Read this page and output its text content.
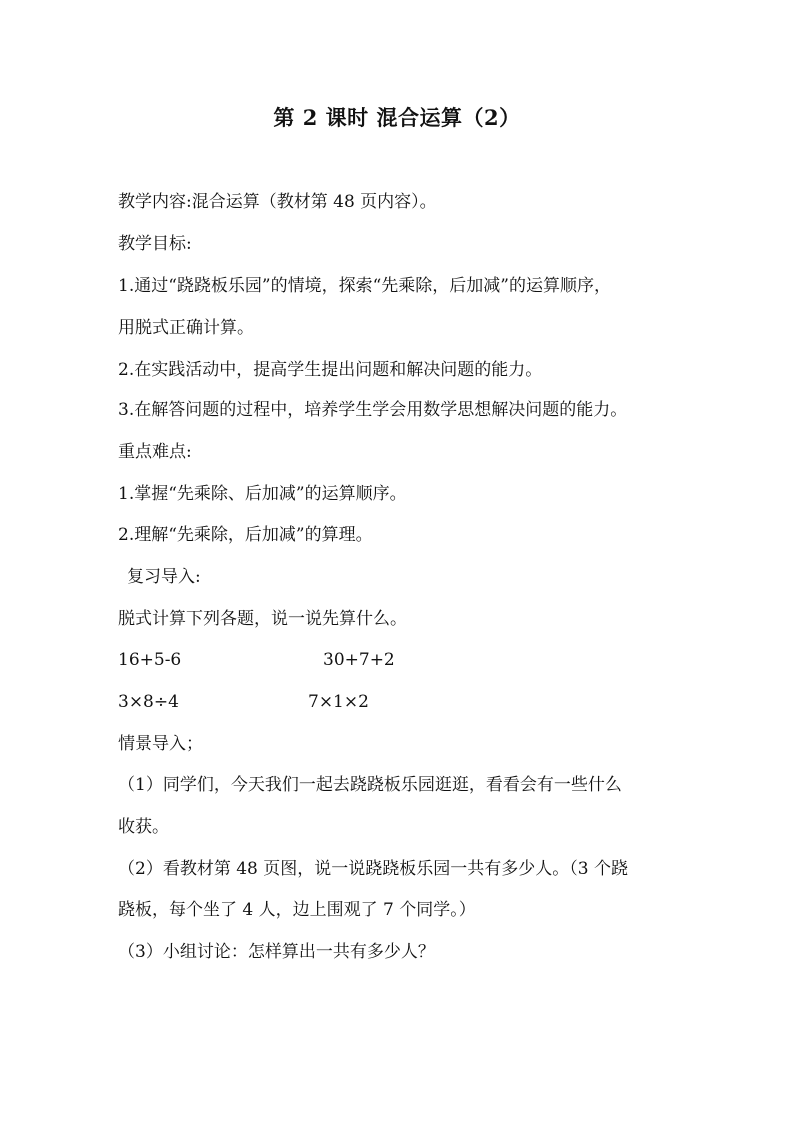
第 2 课时 混合运算（2）
教学内容:混合运算（教材第 48 页内容）。
教学目标:
1.通过“跷跷板乐园”的情境，探索“先乘除，后加减”的运算顺序，
用脱式正确计算。
2.在实践活动中，提高学生提出问题和解决问题的能力。
3.在解答问题的过程中，培养学生学会用数学思想解决问题的能力。
重点难点:
1.掌握“先乘除、后加减”的运算顺序。
2.理解“先乘除，后加减”的算理。
复习导入:
脱式计算下列各题，说一说先算什么。
16+5-6	30+7+2
3×8÷4	7×1×2
情景导入；
（1）同学们，今天我们一起去跷跷板乐园逛逛，看看会有一些什么
收获。
（2）看教材第 48 页图，说一说跷跷板乐园一共有多少人。（3 个跷
跷板，每个坐了 4 人，边上围观了 7 个同学。）
（3）小组讨论：怎样算出一共有多少人？
